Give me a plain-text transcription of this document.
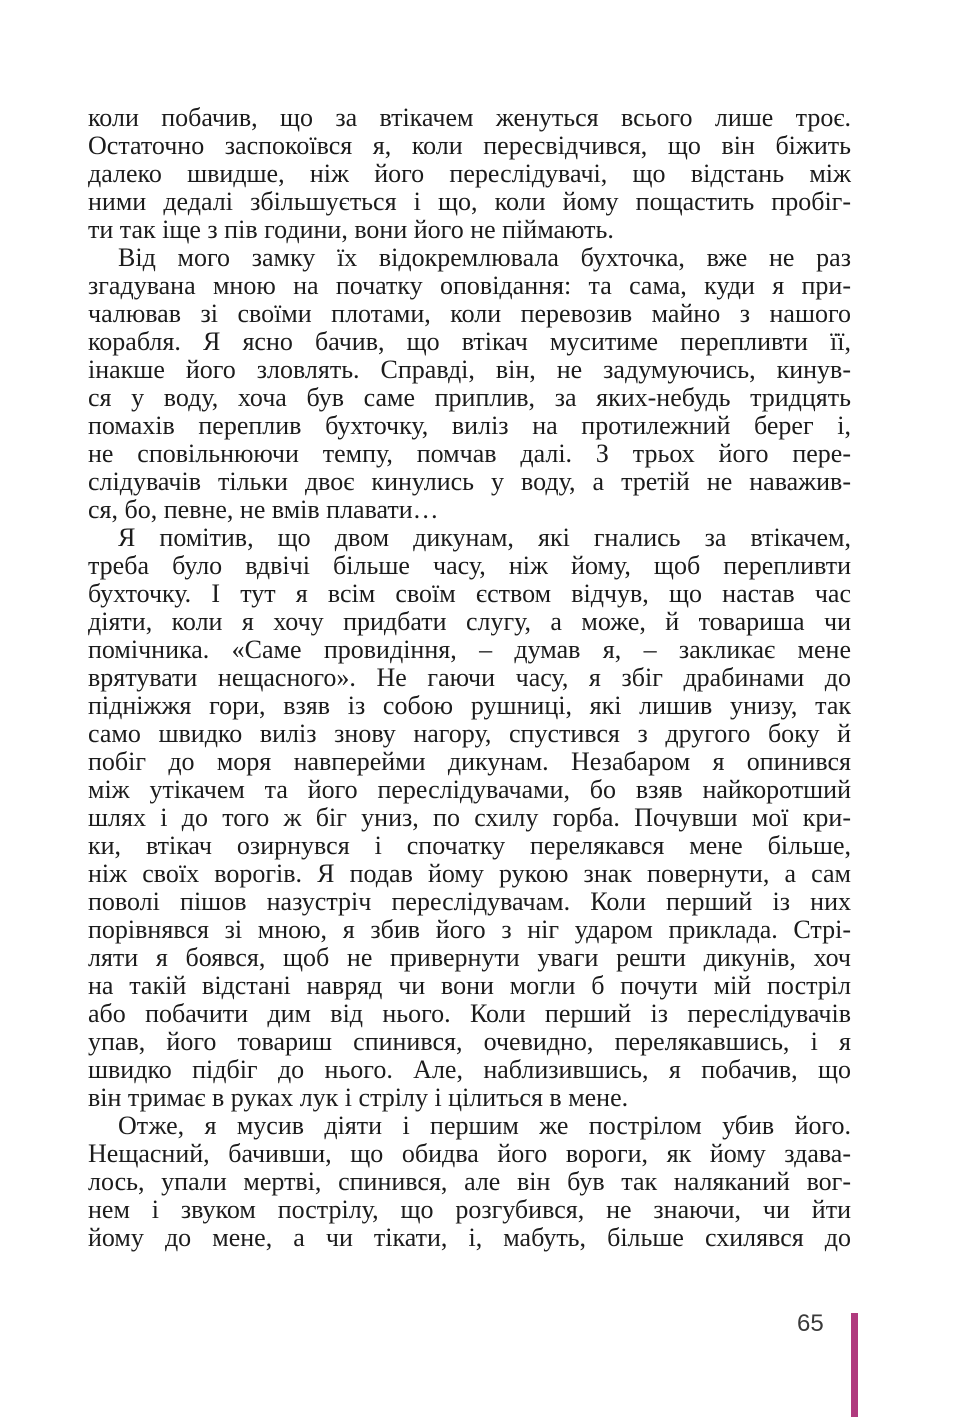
коли побачив, що за втікачем женуться всього лише троє.
Остаточно заспокоївся я, коли пересвідчився, що він біжить
далеко швидше, ніж його переслідувачі, що відстань між
ними дедалі збільшується і що, коли йому пощастить пробіг-
ти так іще з пів години, вони його не піймають.

Від мого замку їх відокремлювала бухточка, вже не раз
згадувана мною на початку оповідання: та сама, куди я при-
чалював зі своїми плотами, коли перевозив майно з нашого
корабля. Я ясно бачив, що втікач муситиме перепливти її,
інакше його зловлять. Справді, він, не задумуючись, кинув-
ся у воду, хоча був саме приплив, за яких-небудь тридцять
помахів переплив бухточку, виліз на протилежний берег і,
не сповільнюючи темпу, помчав далі. З трьох його пере-
слідувачів тільки двоє кинулись у воду, а третій не наважив-
ся, бо, певне, не вмів плавати…

Я помітив, що двом дикунам, які гнались за втікачем,
треба було вдвічі більше часу, ніж йому, щоб перепливти
бухточку. І тут я всім своїм єством відчув, що настав час
діяти, коли я хочу придбати слугу, а може, й товариша чи
помічника. «Саме провидіння, – думав я, – закликає мене
врятувати нещасного». Не гаючи часу, я збіг драбинами до
підніжжя гори, взяв із собою рушниці, які лишив унизу, так
само швидко виліз знову нагору, спустився з другого боку й
побіг до моря навперейми дикунам. Незабаром я опинився
між утікачем та його переслідувачами, бо взяв найкоротший
шлях і до того ж біг униз, по схилу горба. Почувши мої кри-
ки, втікач озирнувся і спочатку перелякався мене більше,
ніж своїх ворогів. Я подав йому рукою знак повернути, а сам
поволі пішов назустріч переслідувачам. Коли перший із них
порівнявся зі мною, я збив його з ніг ударом приклада. Стрі-
ляти я боявся, щоб не привернути уваги решти дикунів, хоч
на такій відстані навряд чи вони могли б почути мій постріл
або побачити дим від нього. Коли перший із переслідувачів
упав, його товариш спинився, очевидно, перелякавшись, і я
швидко підбіг до нього. Але, наблизившись, я побачив, що
він тримає в руках лук і стрілу і цілиться в мене.

Отже, я мусив діяти і першим же пострілом убив його.
Нещасний, бачивши, що обидва його вороги, як йому здава-
лось, упали мертві, спинився, але він був так наляканий вог-
нем і звуком пострілу, що розгубився, не знаючи, чи йти
йому до мене, а чи тікати, і, мабуть, більше схилявся до

65
